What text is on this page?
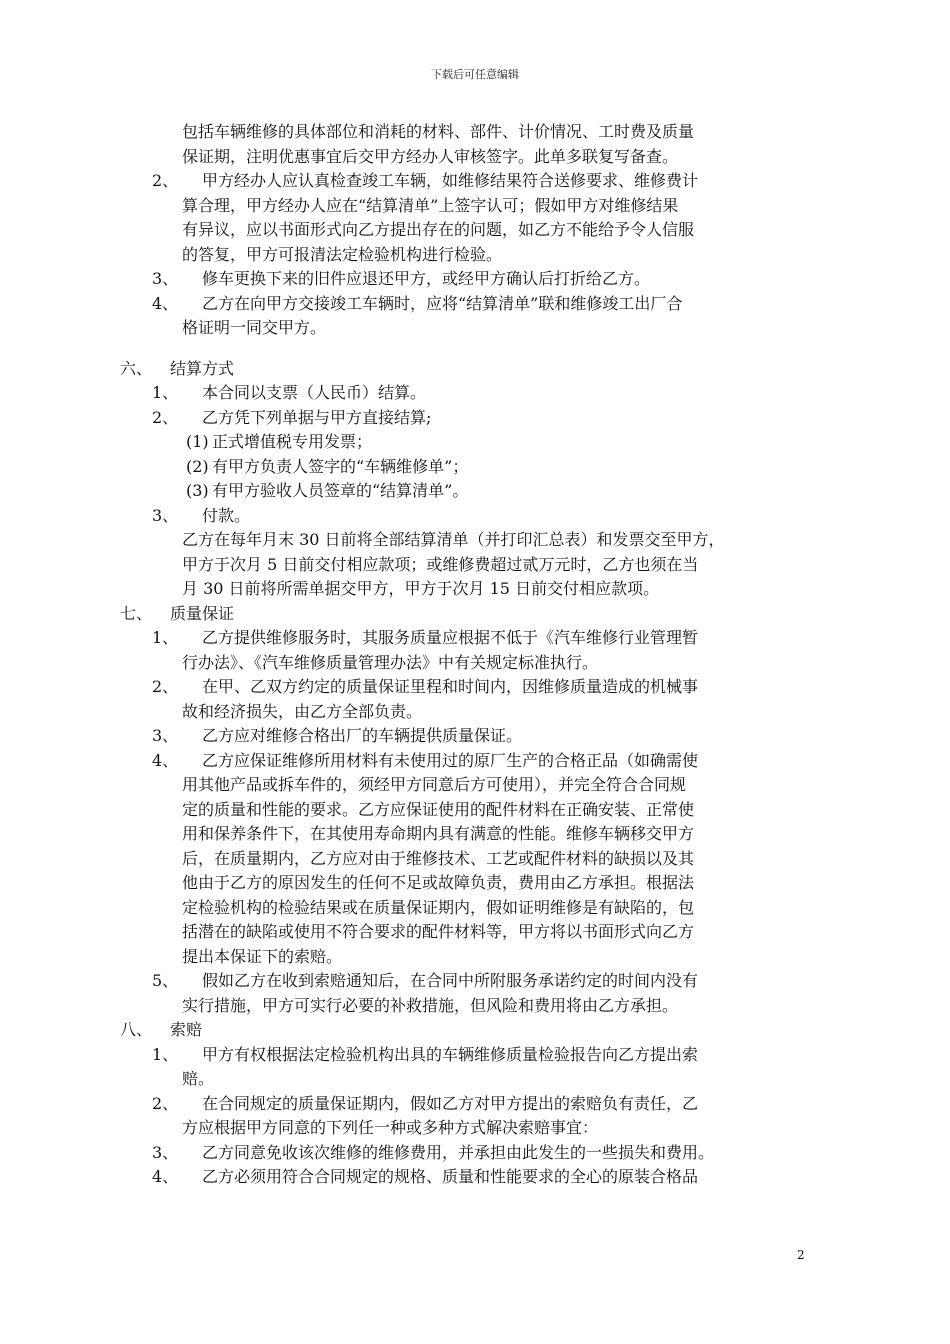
下载后可任意编辑
包括车辆维修的具体部位和消耗的材料、部件、计价情况、工时费及质量
保证期，注明优惠事宜后交甲方经办人审核签字。此单多联复写备查。
2、 甲方经办人应认真检查竣工车辆，如维修结果符合送修要求、维修费计
算合理，甲方经办人应在“结算清单”上签字认可；假如甲方对维修结果
有异议，应以书面形式向乙方提出存在的问题，如乙方不能给予令人信服
的答复，甲方可报清法定检验机构进行检验。
3、 修车更换下来的旧件应退还甲方，或经甲方确认后打折给乙方。
4、 乙方在向甲方交接竣工车辆时，应将“结算清单”联和维修竣工出厂合
格证明一同交甲方。
六、 结算方式
1、 本合同以支票（人民币）结算。
2、 乙方凭下列单据与甲方直接结算;
(1) 正式增值税专用发票；
(2) 有甲方负责人签字的“车辆维修单”；
(3) 有甲方验收人员签章的“结算清单”。
3、 付款。
乙方在每年月末 30 日前将全部结算清单（并打印汇总表）和发票交至甲方，
甲方于次月 5 日前交付相应款项；或维修费超过贰万元时，乙方也须在当
月 30 日前将所需单据交甲方，甲方于次月 15 日前交付相应款项。
七、 质量保证
1、 乙方提供维修服务时，其服务质量应根据不低于《汽车维修行业管理暂
行办法》、《汽车维修质量管理办法》中有关规定标准执行。
2、 在甲、乙双方约定的质量保证里程和时间内，因维修质量造成的机械事
故和经济损失，由乙方全部负责。
3、 乙方应对维修合格出厂的车辆提供质量保证。
4、 乙方应保证维修所用材料有未使用过的原厂生产的合格正品（如确需使
用其他产品或拆车件的，须经甲方同意后方可使用），并完全符合合同规
定的质量和性能的要求。乙方应保证使用的配件材料在正确安装、正常使
用和保养条件下，在其使用寿命期内具有满意的性能。维修车辆移交甲方
后，在质量期内，乙方应对由于维修技术、工艺或配件材料的缺损以及其
他由于乙方的原因发生的任何不足或故障负责，费用由乙方承担。根据法
定检验机构的检验结果或在质量保证期内，假如证明维修是有缺陷的，包
括潜在的缺陷或使用不符合要求的配件材料等，甲方将以书面形式向乙方
提出本保证下的索赔。
5、 假如乙方在收到索赔通知后，在合同中所附服务承诺约定的时间内没有
实行措施，甲方可实行必要的补救措施，但风险和费用将由乙方承担。
八、 索赔
1、 甲方有权根据法定检验机构出具的车辆维修质量检验报告向乙方提出索
赔。
2、 在合同规定的质量保证期内，假如乙方对甲方提出的索赔负有责任，乙
方应根据甲方同意的下列任一种或多种方式解决索赔事宜：
3、 乙方同意免收该次维修的维修费用，并承担由此发生的一些损失和费用。
4、 乙方必须用符合合同规定的规格、质量和性能要求的全心的原装合格品
2
